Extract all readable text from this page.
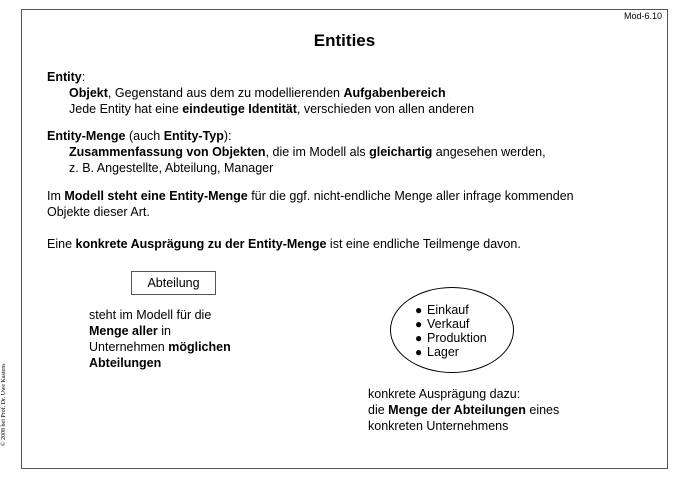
Mod-6.10
Entities
Entity:
Objekt, Gegenstand aus dem zu modellierenden Aufgabenbereich
Jede Entity hat eine eindeutige Identität, verschieden von allen anderen
Entity-Menge (auch Entity-Typ):
Zusammenfassung von Objekten, die im Modell als gleichartig angesehen werden,
z. B. Angestellte, Abteilung, Manager
Im Modell steht eine Entity-Menge für die ggf. nicht-endliche Menge aller infrage kommenden
Objekte dieser Art.
Eine konkrete Ausprägung zu der Entity-Menge ist eine endliche Teilmenge davon.
Abteilung
steht im Modell für die
Menge aller in
Unternehmen möglichen
Abteilungen
● Einkauf
● Verkauf
● Produktion
● Lager
konkrete Ausprägung dazu:
die Menge der Abteilungen eines
konkreten Unternehmens
© 2008 bei Prof. Dr. Uwe Kastens
